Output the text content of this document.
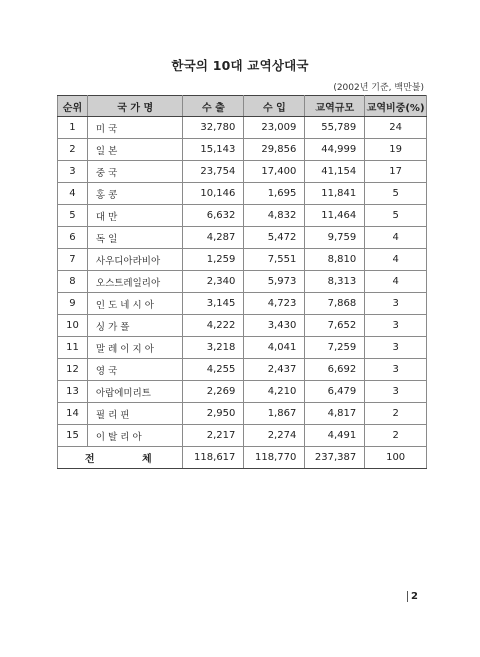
한국의 10대 교역상대국
(2002년 기준, 백만불)
순위	국 가 명	수 출	수 입	교역규모	교역비중(%)
1	미 국	32,780	23,009	55,789	24
2	일 본	15,143	29,856	44,999	19
3	중 국	23,754	17,400	41,154	17
4	홍 콩	10,146	1,695	11,841	5
5	대 만	6,632	4,832	11,464	5
6	독 일	4,287	5,472	9,759	4
7	사우디아라비아	1,259	7,551	8,810	4
8	오스트레일리아	2,340	5,973	8,313	4
9	인 도 네 시 아	3,145	4,723	7,868	3
10	싱 가 폴	4,222	3,430	7,652	3
11	말 레 이 지 아	3,218	4,041	7,259	3
12	영 국	4,255	2,437	6,692	3
13	아랍에미리트	2,269	4,210	6,479	3
14	필 리 핀	2,950	1,867	4,817	2
15	이 탈 리 아	2,217	2,274	4,491	2
전 체		118,617	118,770	237,387	100
2
